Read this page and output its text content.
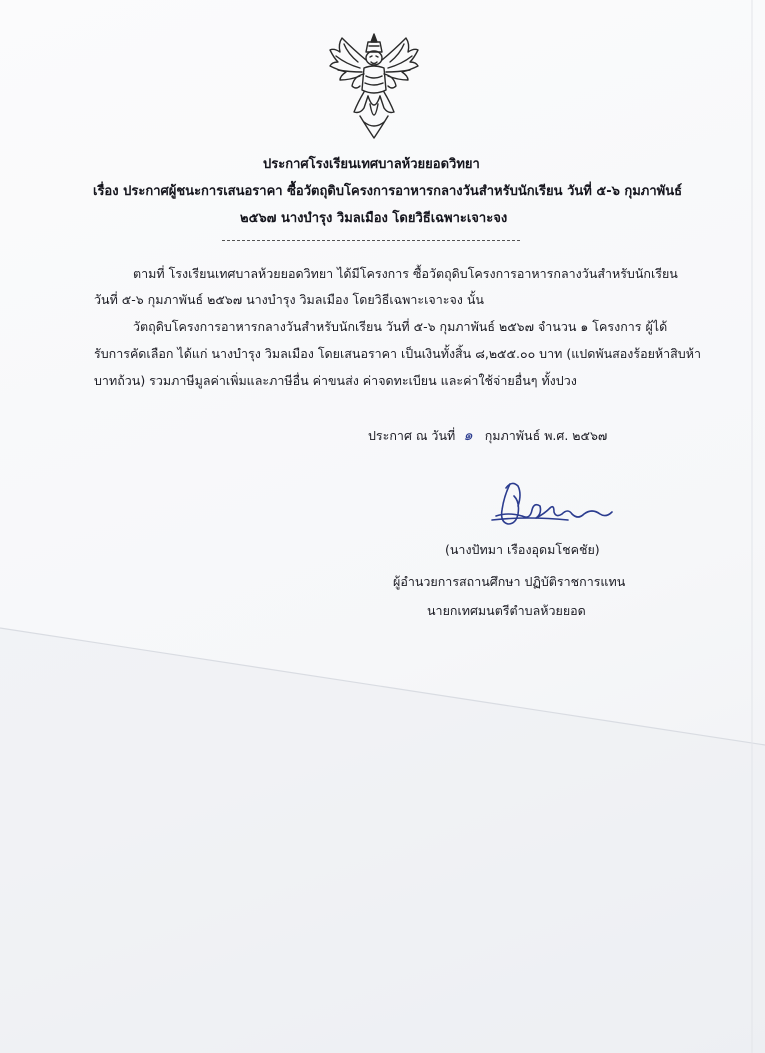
ประกาศโรงเรียนเทศบาลห้วยยอดวิทยา
เรื่อง ประกาศผู้ชนะการเสนอราคา ซื้อวัตถุดิบโครงการอาหารกลางวันสำหรับนักเรียน วันที่ ๕-๖ กุมภาพันธ์
๒๕๖๗ นางบำรุง วิมลเมือง โดยวิธีเฉพาะเจาะจง
ตามที่ โรงเรียนเทศบาลห้วยยอดวิทยา ได้มีโครงการ ซื้อวัตถุดิบโครงการอาหารกลางวันสำหรับนักเรียน
วันที่ ๕-๖ กุมภาพันธ์ ๒๕๖๗ นางบำรุง วิมลเมือง โดยวิธีเฉพาะเจาะจง นั้น
วัตถุดิบโครงการอาหารกลางวันสำหรับนักเรียน วันที่ ๕-๖ กุมภาพันธ์ ๒๕๖๗ จำนวน ๑ โครงการ ผู้ได้
รับการคัดเลือก ได้แก่ นางบำรุง วิมลเมือง โดยเสนอราคา เป็นเงินทั้งสิ้น ๘,๒๕๕.๐๐ บาท (แปดพันสองร้อยห้าสิบห้า
บาทถ้วน) รวมภาษีมูลค่าเพิ่มและภาษีอื่น ค่าขนส่ง ค่าจดทะเบียน และค่าใช้จ่ายอื่นๆ ทั้งปวง
ประกาศ ณ วันที่ ๑ กุมภาพันธ์ พ.ศ. ๒๕๖๗
(นางปัทมา เรืองอุดมโชคชัย)
ผู้อำนวยการสถานศึกษา ปฏิบัติราชการแทน
นายกเทศมนตรีตำบลห้วยยอด
